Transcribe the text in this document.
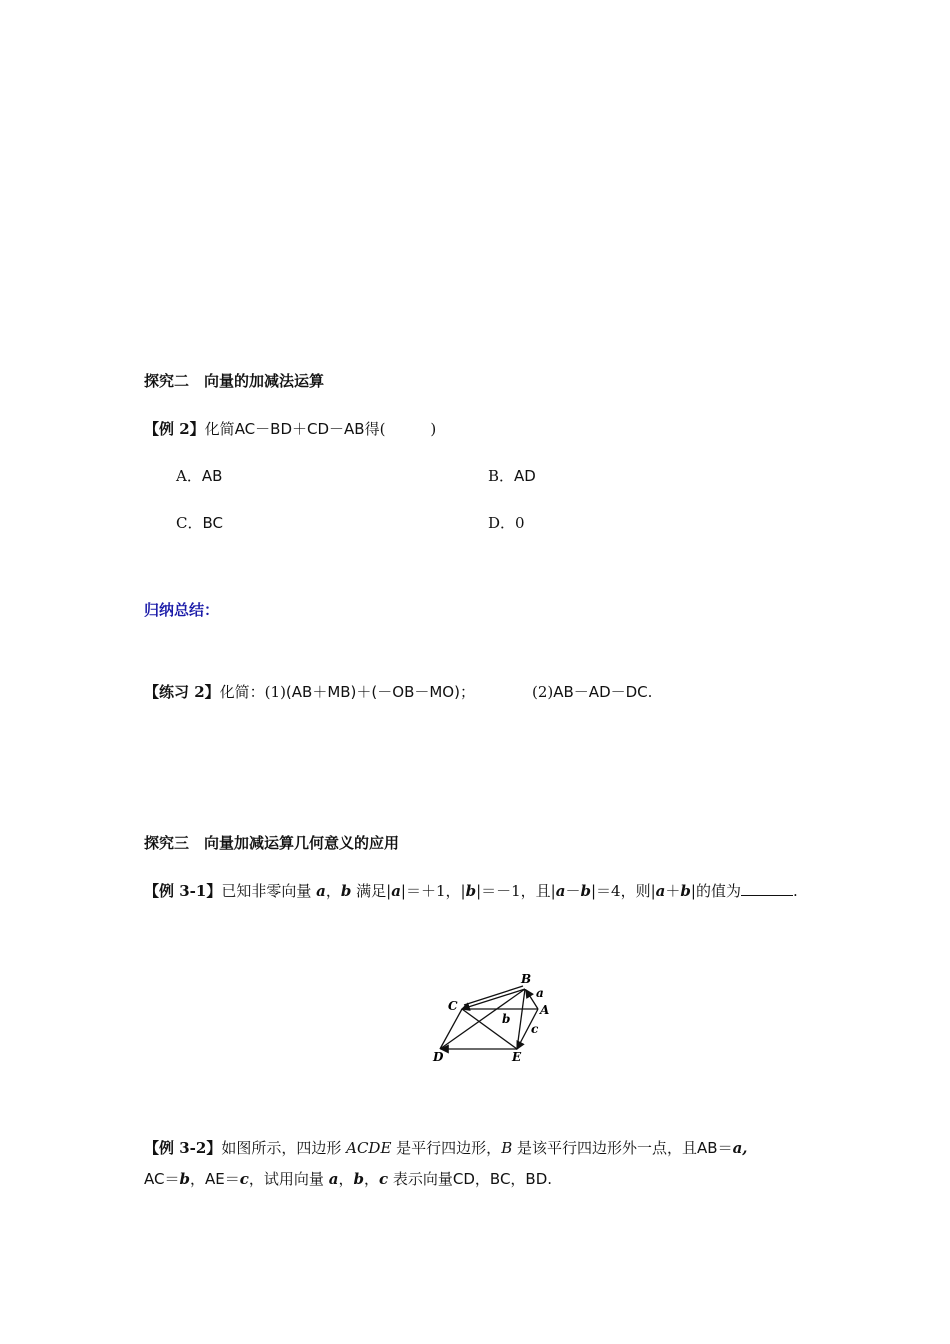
探究二　向量的加减法运算
【例 2】化简AC－BD＋CD－AB得(　　　)
A．AB	B．AD
C．BC	D．0
归纳总结：
【练习 2】化简：(1)(AB＋MB)＋(－OB－MO)；	(2)AB－AD－DC.
探究三　向量加减运算几何意义的应用
【例 3-1】已知非零向量 a，b 满足|a|＝＋1，|b|＝－1，且|a－b|＝4，则|a＋b|的值为	.
B
C	A
D	E
a
b
c
【例 3-2】如图所示，四边形 ACDE 是平行四边形，B 是该平行四边形外一点，且AB＝a,
AC＝b，AE＝c，试用向量 a，b，c 表示向量CD，BC，BD.
